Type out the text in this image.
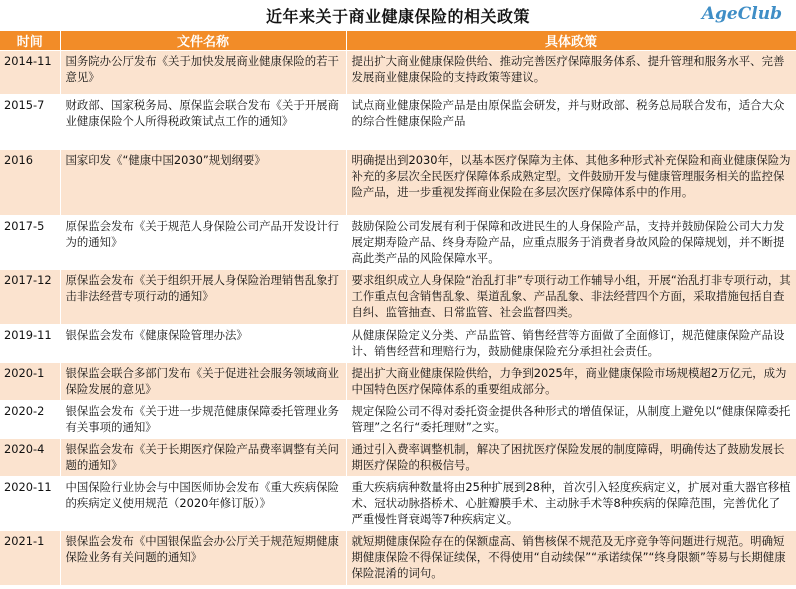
近年来关于商业健康保险的相关政策	AgeClub
时间	文件名称	具体政策
2014-11	国务院办公厅发布《关于加快发展商业健康保险的若干意见》	提出扩大商业健康保险供给、推动完善医疗保障服务体系、提升管理和服务水平、完善发展商业健康保险的支持政策等建议。
2015-7	财政部、国家税务局、原保监会联合发布《关于开展商业健康保险个人所得税政策试点工作的通知》	试点商业健康保险产品是由原保监会研发，并与财政部、税务总局联合发布，适合大众的综合性健康保险产品
2016	国家印发《“健康中国2030”规划纲要》	明确提出到2030年，以基本医疗保障为主体、其他多种形式补充保险和商业健康保险为补充的多层次全民医疗保障体系成熟定型。文件鼓励开发与健康管理服务相关的监控保险产品，进一步重视发挥商业保险在多层次医疗保障体系中的作用。
2017-5	原保监会发布《关于规范人身保险公司产品开发设计行为的通知》	鼓励保险公司发展有利于保障和改进民生的人身保险产品，支持并鼓励保险公司大力发展定期寿险产品、终身寿险产品，应重点服务于消费者身故风险的保障规划，并不断提高此类产品的风险保障水平。
2017-12	原保监会发布《关于组织开展人身保险治理销售乱象打击非法经营专项行动的通知》	要求组织成立人身保险“治乱打非”专项行动工作辅导小组，开展“治乱打非专项行动，其工作重点包含销售乱象、渠道乱象、产品乱象、非法经营四个方面，采取措施包括自查自纠、监管抽查、日常监管、社会监督四类。
2019-11	银保监会发布《健康保险管理办法》	从健康保险定义分类、产品监管、销售经营等方面做了全面修订，规范健康保险产品设计、销售经营和理赔行为，鼓励健康保险充分承担社会责任。
2020-1	银保监会联合多部门发布《关于促进社会服务领域商业保险发展的意见》	提出扩大商业健康保险供给，力争到2025年，商业健康保险市场规模超2万亿元，成为中国特色医疗保障体系的重要组成部分。
2020-2	银保监会发布《关于进一步规范健康保障委托管理业务有关事项的通知》	规定保险公司不得对委托资金提供各种形式的增值保证，从制度上避免以“健康保障委托管理”之名行“委托理财”之实。
2020-4	银保监会发布《关于长期医疗保险产品费率调整有关问题的通知》	通过引入费率调整机制，解决了困扰医疗保险发展的制度障碍，明确传达了鼓励发展长期医疗保险的积极信号。
2020-11	中国保险行业协会与中国医师协会发布《重大疾病保险的疾病定义使用规范（2020年修订版）》	重大疾病病种数量将由25种扩展到28种，首次引入轻度疾病定义，扩展对重大器官移植术、冠状动脉搭桥术、心脏瓣膜手术、主动脉手术等8种疾病的保障范围，完善优化了严重慢性肾衰竭等7种疾病定义。
2021-1	银保监会发布《中国银保监会办公厅关于规范短期健康保险业务有关问题的通知》	就短期健康保险存在的保额虚高、销售核保不规范及无序竞争等问题进行规范。明确短期健康保险不得保证续保，不得使用“自动续保”“承诺续保”“终身限额”等易与长期健康保险混淆的词句。
